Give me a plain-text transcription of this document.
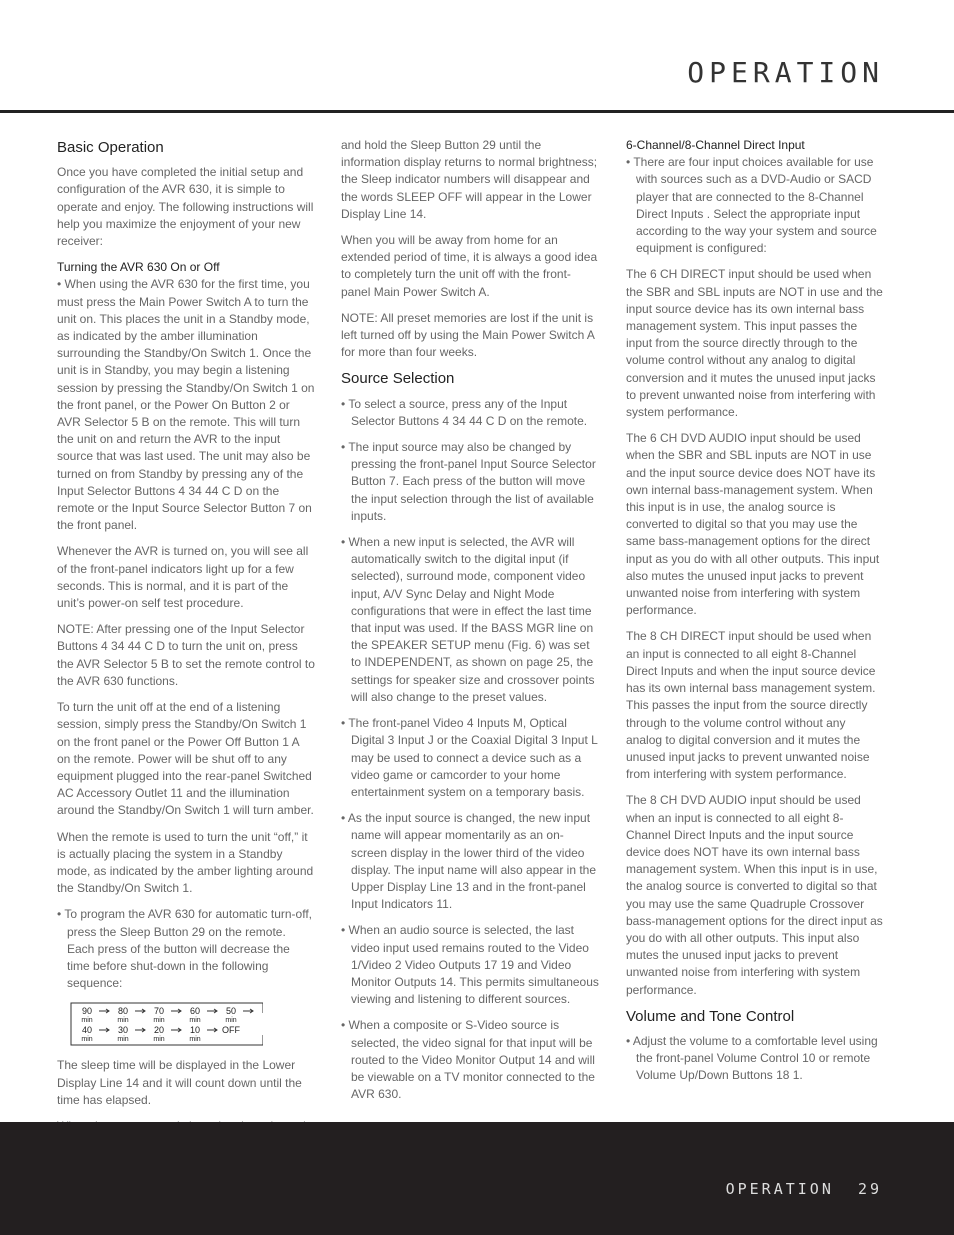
OPERATION
Basic Operation

Once you have completed the initial setup and configuration of the AVR 630, it is simple to operate and enjoy. The following instructions will help you maximize the enjoyment of your new receiver:

Turning the AVR 630 On or Off

• When using the AVR 630 for the first time, you must press the Main Power Switch A to turn the unit on. This places the unit in a Standby mode, as indicated by the amber illumination surrounding the Standby/On Switch 1. Once the unit is in Standby, you may begin a listening session by pressing the Standby/On Switch 1 on the front panel, or the Power On Button 2 or AVR Selector 5 B on the remote. This will turn the unit on and return the AVR to the input source that was last used. The unit may also be turned on from Standby by pressing any of the Input Selector Buttons 4 34 44 C D on the remote or the Input Source Selector Button 7 on the front panel.

Whenever the AVR is turned on, you will see all of the front-panel indicators light up for a few seconds. This is normal, and it is part of the unit’s power-on self test procedure.

NOTE: After pressing one of the Input Selector Buttons 4 34 44 C D to turn the unit on, press the AVR Selector 5 B to set the remote control to the AVR 630 functions.

To turn the unit off at the end of a listening session, simply press the Standby/On Switch 1 on the front panel or the Power Off Button 1 A on the remote. Power will be shut off to any equipment plugged into the rear-panel Switched AC Accessory Outlet 11 and the illumination around the Standby/On Switch 1 will turn amber.

When the remote is used to turn the unit “off,” it is actually placing the system in a Standby mode, as indicated by the amber lighting around the Standby/On Switch 1.

• To program the AVR 630 for automatic turn-off, press the Sleep Button 29 on the remote. Each press of the button will decrease the time before shut-down in the following sequence:

90
min
80
min
70
min
60
min
50
min
40
min
30
min
20
min
10
min
OFF

The sleep time will be displayed in the Lower Display Line 14 and it will count down until the time has elapsed.

and hold the Sleep Button 29 until the information display returns to normal brightness; the Sleep indicator numbers will disappear and the words SLEEP OFF will appear in the Lower Display Line 14.

When you will be away from home for an extended period of time, it is always a good idea to completely turn the unit off with the front-panel Main Power Switch A.

NOTE: All preset memories are lost if the unit is left turned off by using the Main Power Switch A for more than four weeks.

Source Selection

• To select a source, press any of the Input Selector Buttons 4 34 44 C D on the remote.

• The input source may also be changed by pressing the front-panel Input Source Selector Button 7. Each press of the button will move the input selection through the list of available inputs.

• When a new input is selected, the AVR will automatically switch to the digital input (if selected), surround mode, component video input, A/V Sync Delay and Night Mode configurations that were in effect the last time that input was used. If the BASS MGR line on the SPEAKER SETUP menu (Fig. 6) was set to INDEPENDENT, as shown on page 25, the settings for speaker size and crossover points will also change to the preset values.

• The front-panel Video 4 Inputs M, Optical Digital 3 Input J or the Coaxial Digital 3 Input L may be used to connect a device such as a video game or camcorder to your home entertainment system on a temporary basis.

• As the input source is changed, the new input name will appear momentarily as an on-screen display in the lower third of the video display. The input name will also appear in the Upper Display Line 13 and in the front-panel Input Indicators 11.

• When an audio source is selected, the last video input used remains routed to the Video 1/Video 2 Video Outputs 17 19 and Video Monitor Outputs 14. This permits simultaneous viewing and listening to different sources.

• When a composite or S-Video source is selected, the video signal for that input will be routed to the Video Monitor Output 14 and will be viewable on a TV monitor connected to the AVR 630.

6-Channel/8-Channel Direct Input

• There are four input choices available for use with sources such as a DVD-Audio or SACD player that are connected to the 8-Channel Direct Inputs . Select the appropriate input according to the way your system and source equipment is configured:

The 6 CH DIRECT input should be used when the SBR and SBL inputs are NOT in use and the input source device has its own internal bass management system. This input passes the input from the source directly through to the volume control without any analog to digital conversion and it mutes the unused input jacks to prevent unwanted noise from interfering with system performance.

The 6 CH DVD AUDIO input should be used when the SBR and SBL inputs are NOT in use and the input source device does NOT have its own internal bass-management system. When this input is in use, the analog source is converted to digital so that you may use the same bass-management options for the direct input as you do with all other outputs. This input also mutes the unused input jacks to prevent unwanted noise from interfering with system performance.

The 8 CH DIRECT input should be used when an input is connected to all eight 8-Channel Direct Inputs and when the input source device has its own internal bass management system. This passes the input from the source directly through to the volume control without any analog to digital conversion and it mutes the unused input jacks to prevent unwanted noise from interfering with system performance.

The 8 CH DVD AUDIO input should be used when an input is connected to all eight 8-Channel Direct Inputs and the input source device does NOT have its own internal bass management system. When this input is in use, the analog source is converted to digital so that you may use the same Quadruple Crossover bass-management options for the direct input as you do with all other outputs. This input also mutes the unused input jacks to prevent unwanted noise from interfering with system performance.

Volume and Tone Control

• Adjust the volume to a comfortable level using the front-panel Volume Control 10 or remote Volume Up/Down Buttons 18 1.

OPERATION 29
